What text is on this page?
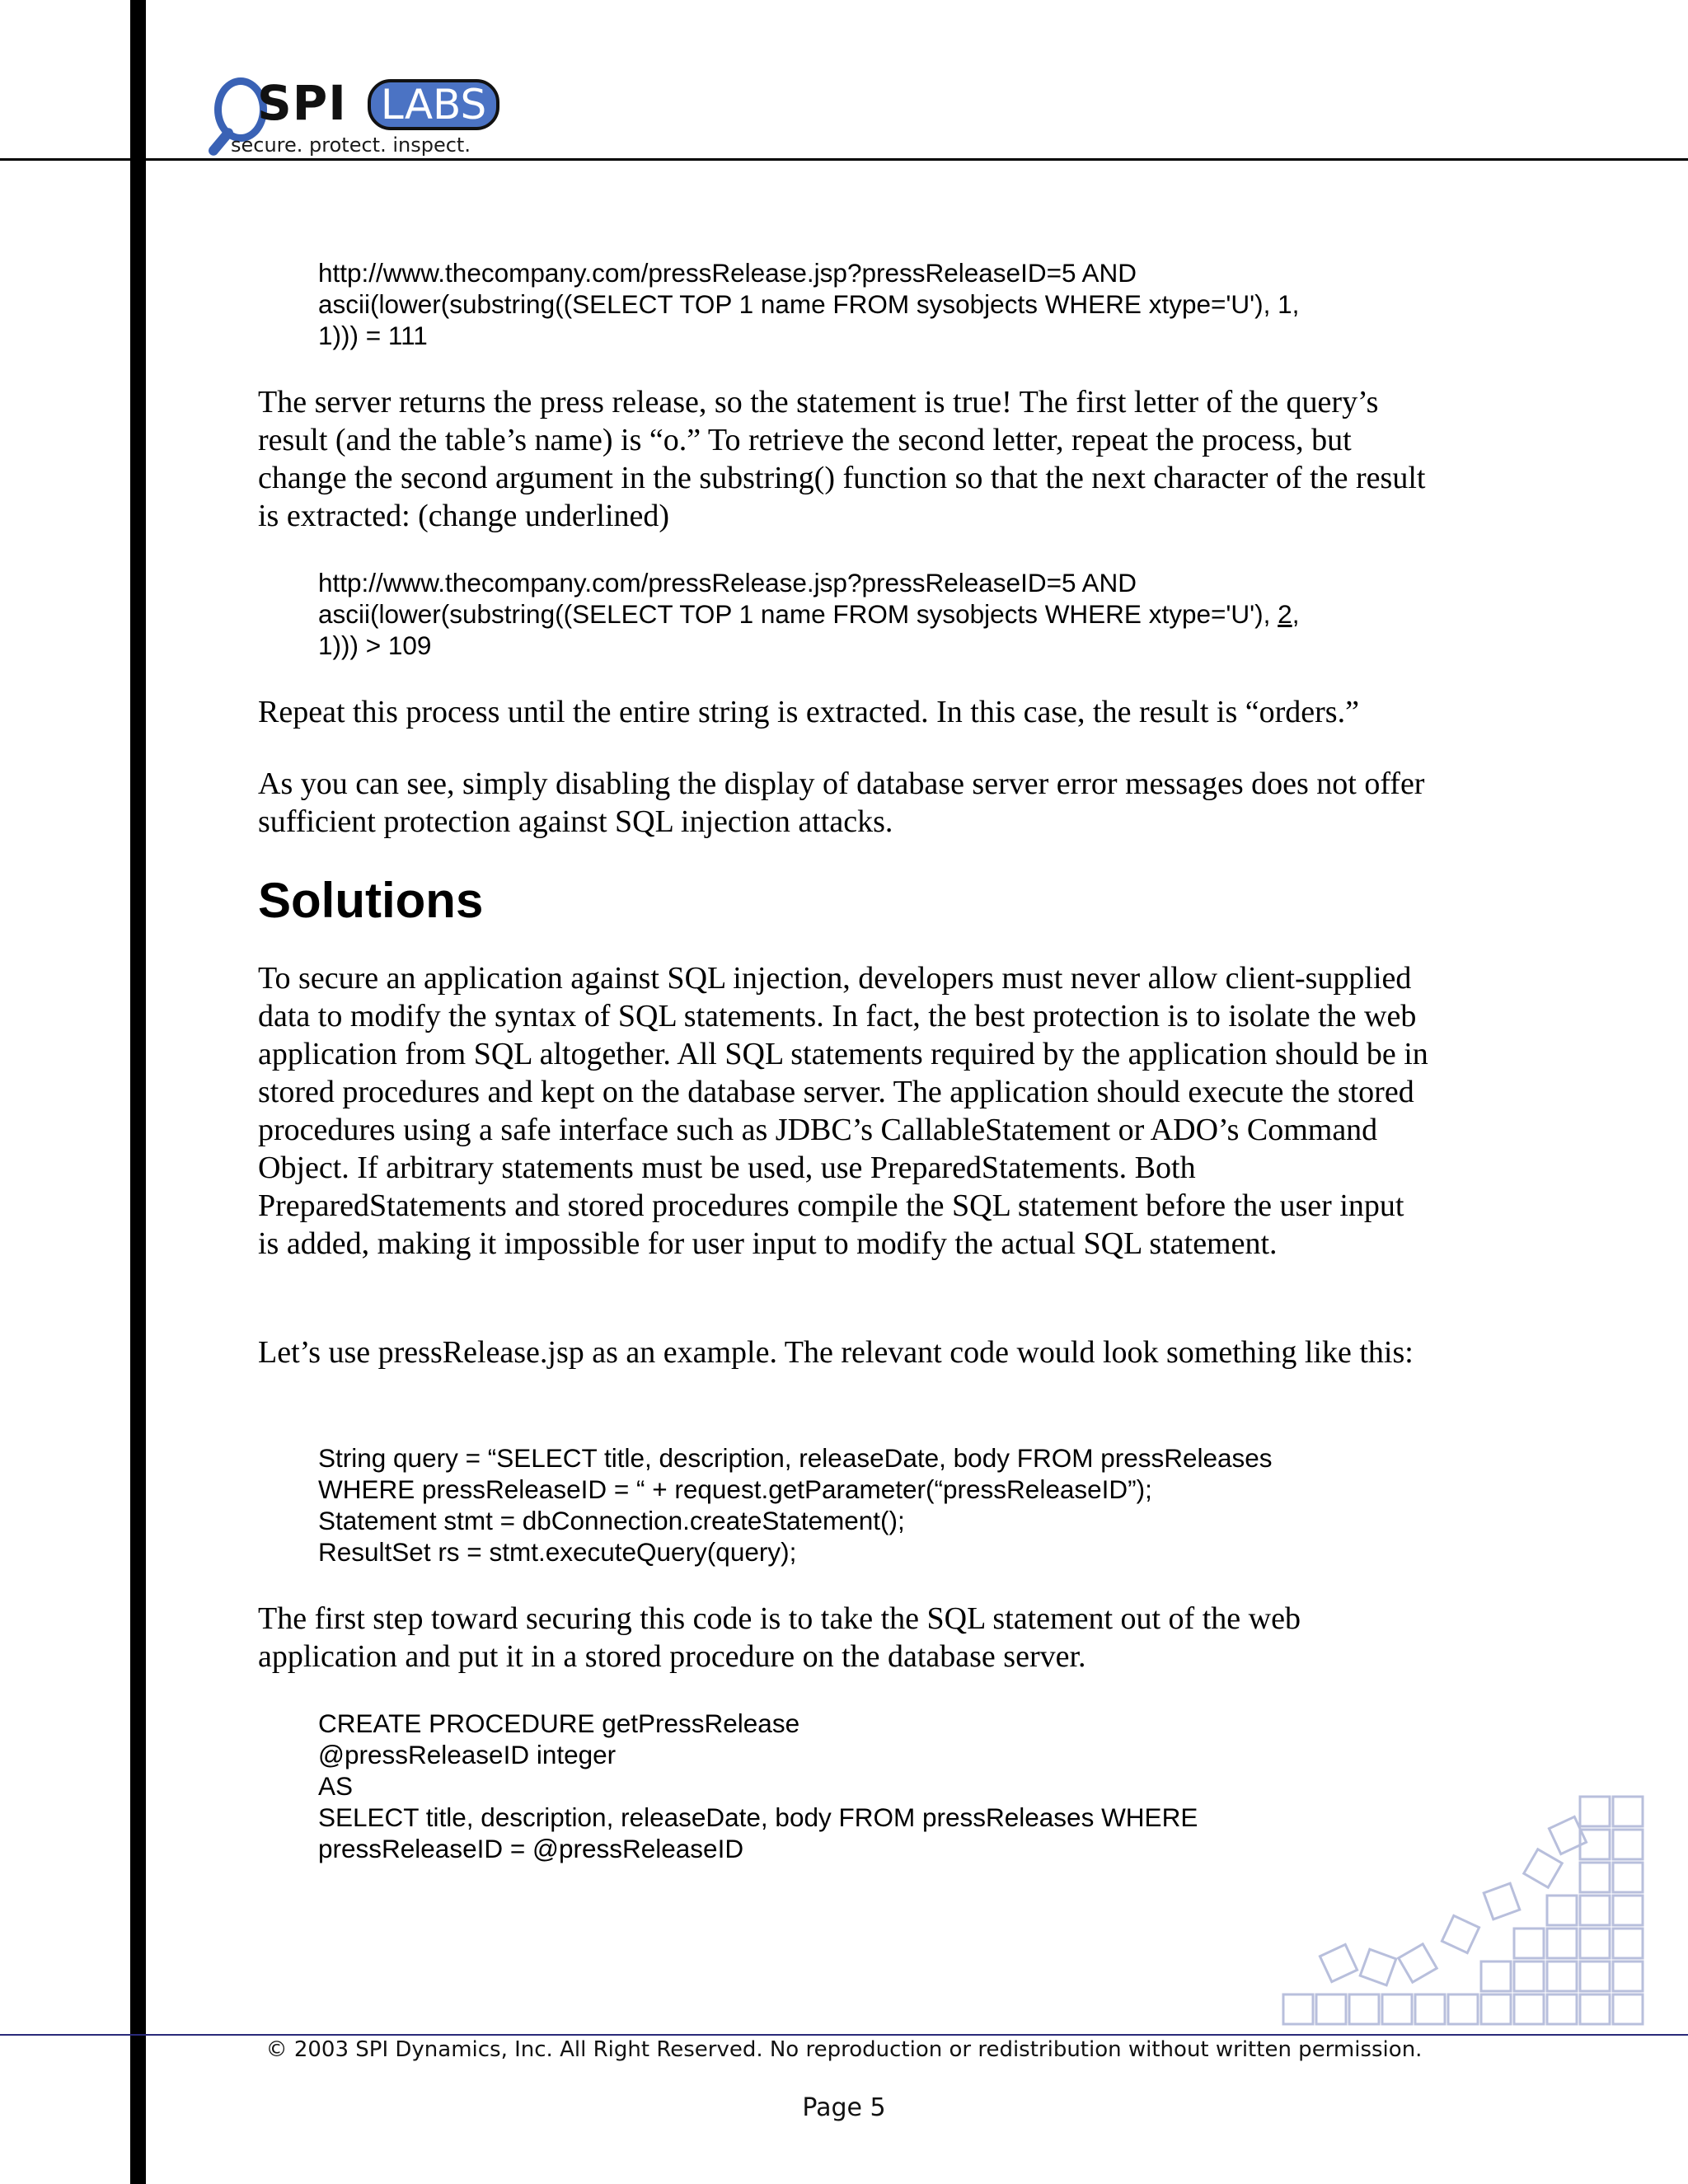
SPI LABS
secure. protect. inspect.
http://www.thecompany.com/pressRelease.jsp?pressReleaseID=5 AND
ascii(lower(substring((SELECT TOP 1 name FROM sysobjects WHERE xtype='U'), 1,
1))) = 111

The server returns the press release, so the statement is true! The first letter of the query’s result (and the table’s name) is “o.” To retrieve the second letter, repeat the process, but change the second argument in the substring() function so that the next character of the result is extracted: (change underlined)

http://www.thecompany.com/pressRelease.jsp?pressReleaseID=5 AND
ascii(lower(substring((SELECT TOP 1 name FROM sysobjects WHERE xtype='U'), 2,
1))) > 109

Repeat this process until the entire string is extracted. In this case, the result is “orders.”

As you can see, simply disabling the display of database server error messages does not offer sufficient protection against SQL injection attacks.

Solutions

To secure an application against SQL injection, developers must never allow client-supplied data to modify the syntax of SQL statements. In fact, the best protection is to isolate the web application from SQL altogether. All SQL statements required by the application should be in stored procedures and kept on the database server. The application should execute the stored procedures using a safe interface such as JDBC’s CallableStatement or ADO’s Command Object. If arbitrary statements must be used, use PreparedStatements. Both PreparedStatements and stored procedures compile the SQL statement before the user input is added, making it impossible for user input to modify the actual SQL statement.

Let’s use pressRelease.jsp as an example. The relevant code would look something like this:

String query = “SELECT title, description, releaseDate, body FROM pressReleases
WHERE pressReleaseID = “ + request.getParameter(“pressReleaseID”);
Statement stmt = dbConnection.createStatement();
ResultSet rs = stmt.executeQuery(query);

The first step toward securing this code is to take the SQL statement out of the web application and put it in a stored procedure on the database server.

CREATE PROCEDURE getPressRelease
@pressReleaseID integer
AS
SELECT title, description, releaseDate, body FROM pressReleases WHERE
pressReleaseID = @pressReleaseID
© 2003 SPI Dynamics, Inc. All Right Reserved. No reproduction or redistribution without written permission.
Page 5
